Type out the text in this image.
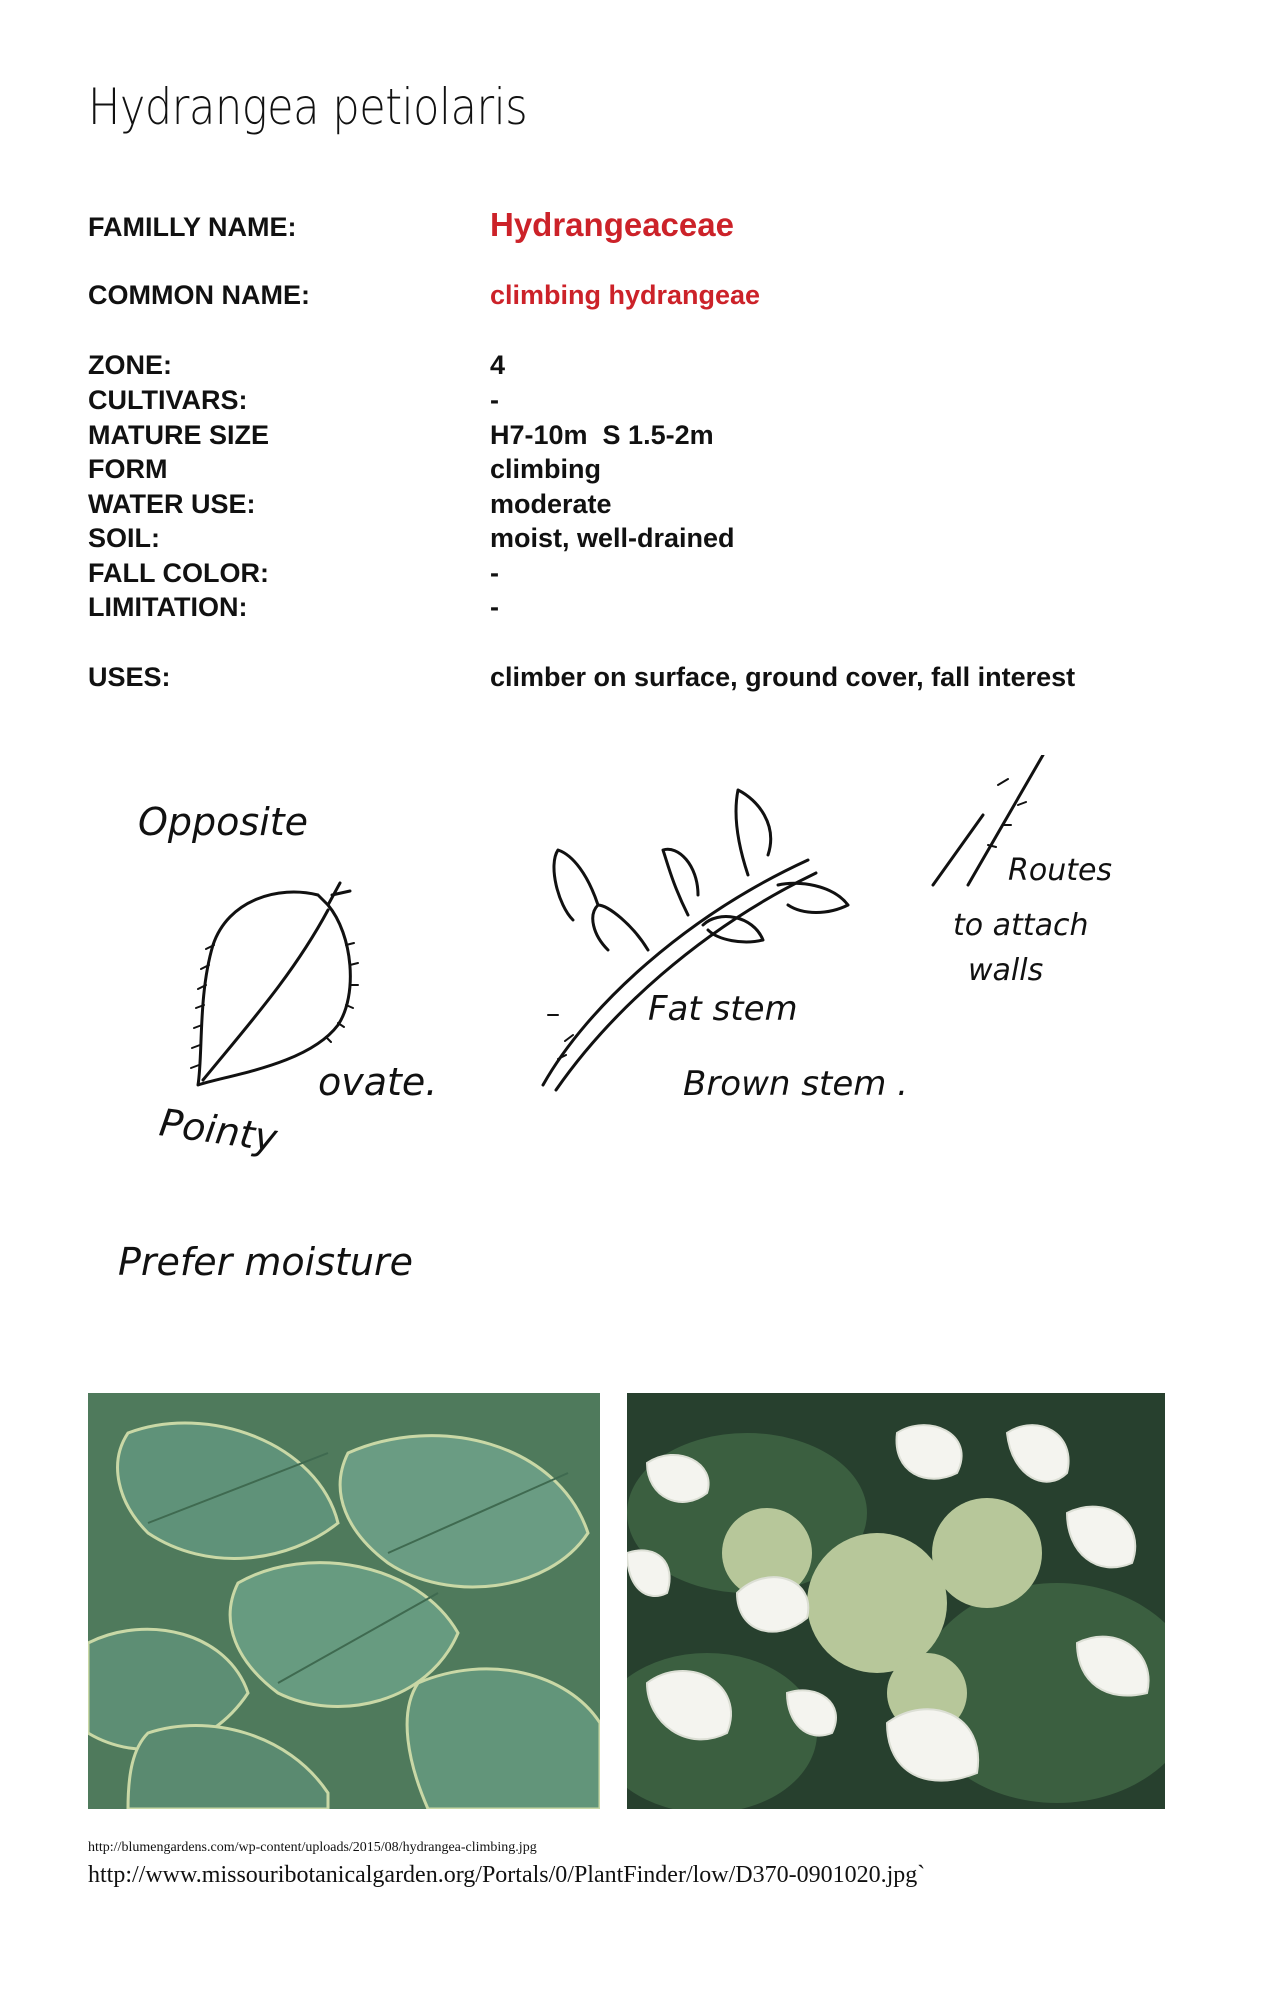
Hydrangea petiolaris
FAMILLY NAME:	Hydrangeaceae
COMMON NAME:	climbing hydrangeae
ZONE:	4
CULTIVARS:	-
MATURE SIZE	H7-10m  S 1.5-2m
FORM	climbing
WATER USE:	moderate
SOIL:	moist, well-drained
FALL COLOR:	-
LIMITATION:	-
USES:	climber on surface, ground cover, fall interest
Opposite
Pointy
ovate.
Fat stem
Brown stem .
Routes
to attach
walls
Prefer moisture
http://blumengardens.com/wp-content/uploads/2015/08/hydrangea-climbing.jpg
http://www.missouribotanicalgarden.org/Portals/0/PlantFinder/low/D370-0901020.jpg`
